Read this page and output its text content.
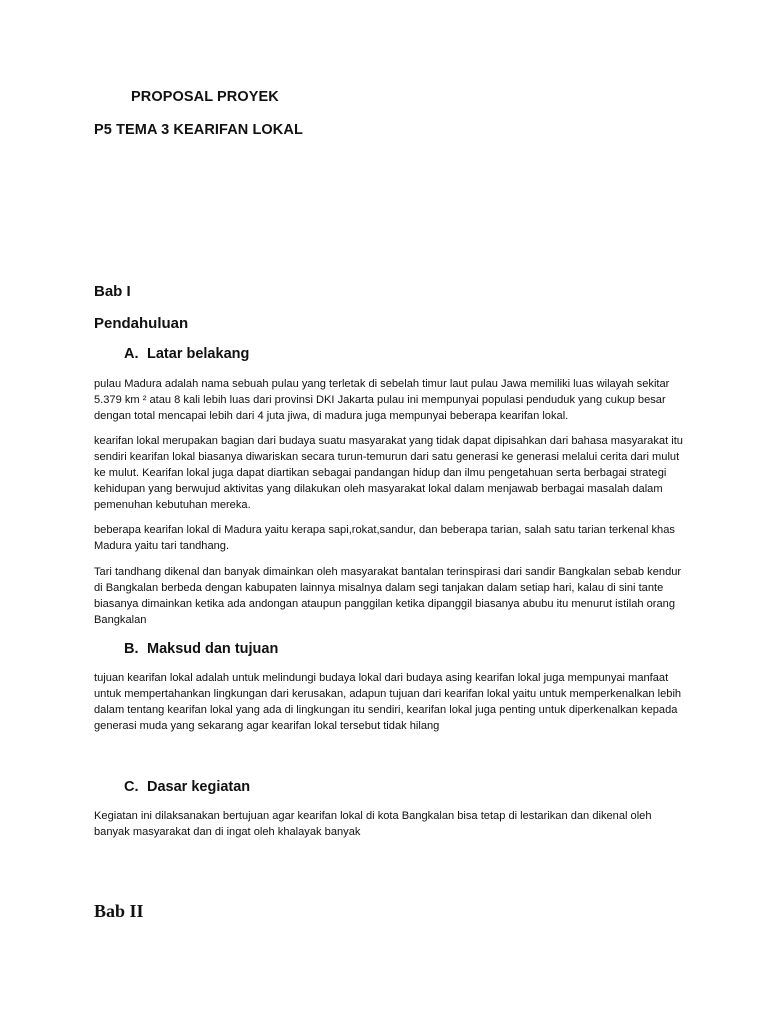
PROPOSAL PROYEK

P5 TEMA 3 KEARIFAN LOKAL

Bab I

Pendahuluan

A. Latar belakang

pulau Madura adalah nama sebuah pulau yang terletak di sebelah timur laut pulau Jawa memiliki luas wilayah sekitar 5.379 km ² atau 8 kali lebih luas dari provinsi DKI Jakarta pulau ini mempunyai populasi penduduk yang cukup besar dengan total mencapai lebih dari 4 juta jiwa, di madura juga mempunyai beberapa kearifan lokal.

kearifan lokal merupakan bagian dari budaya suatu masyarakat yang tidak dapat dipisahkan dari bahasa masyarakat itu sendiri kearifan lokal biasanya diwariskan secara turun-temurun dari satu generasi ke generasi melalui cerita dari mulut ke mulut. Kearifan lokal juga dapat diartikan sebagai pandangan hidup dan ilmu pengetahuan serta berbagai strategi kehidupan yang berwujud aktivitas yang dilakukan oleh masyarakat lokal dalam menjawab berbagai masalah dalam pemenuhan kebutuhan mereka.

beberapa kearifan lokal di Madura yaitu kerapa sapi,rokat,sandur, dan beberapa tarian, salah satu tarian terkenal khas Madura yaitu tari tandhang.

Tari tandhang dikenal dan banyak dimainkan oleh masyarakat bantalan terinspirasi dari sandir Bangkalan sebab kendur di Bangkalan berbeda dengan kabupaten lainnya misalnya dalam segi tanjakan dalam setiap hari, kalau di sini tante biasanya dimainkan ketika ada andongan ataupun panggilan ketika dipanggil biasanya abubu itu menurut istilah orang Bangkalan

B. Maksud dan tujuan

tujuan kearifan lokal adalah untuk melindungi budaya lokal dari budaya asing kearifan lokal juga mempunyai manfaat untuk mempertahankan lingkungan dari kerusakan, adapun tujuan dari kearifan lokal yaitu untuk memperkenalkan lebih dalam tentang kearifan lokal yang ada di lingkungan itu sendiri, kearifan lokal juga penting untuk diperkenalkan kepada generasi muda yang sekarang agar kearifan lokal tersebut tidak hilang

C. Dasar kegiatan

Kegiatan ini dilaksanakan bertujuan agar kearifan lokal di kota Bangkalan bisa tetap di lestarikan dan dikenal oleh banyak masyarakat dan di ingat oleh khalayak banyak

Bab II
